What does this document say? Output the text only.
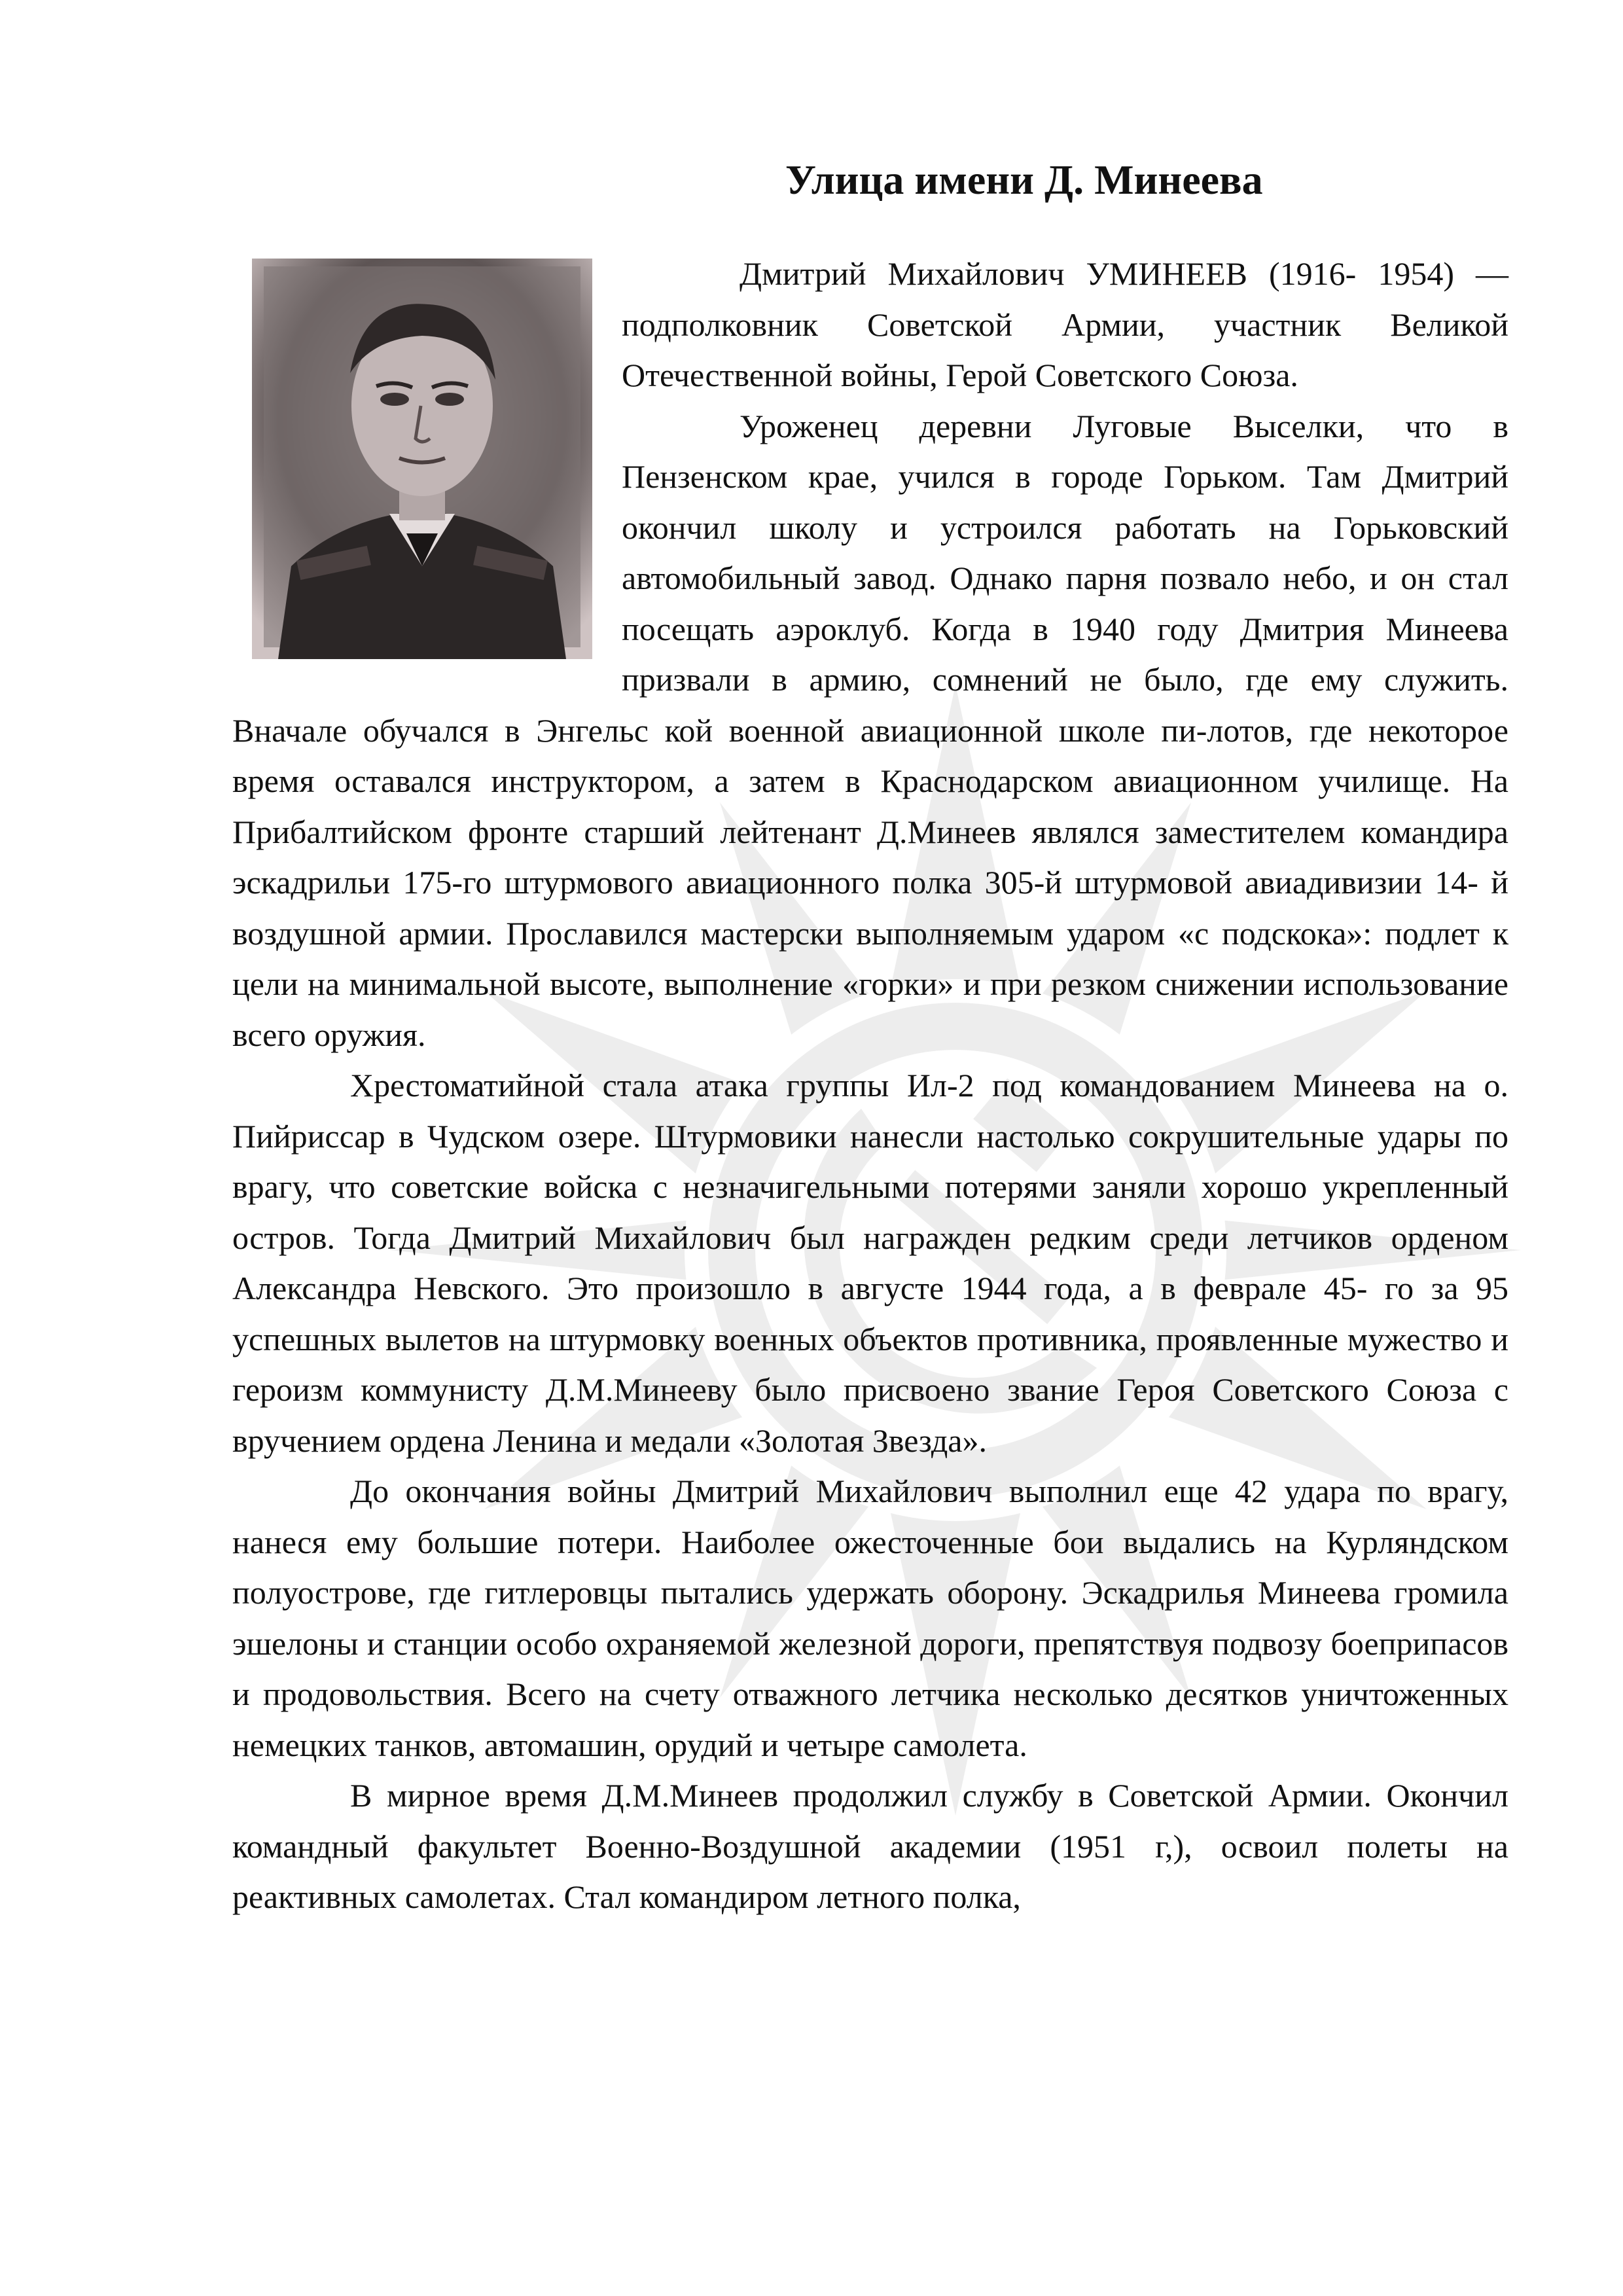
Улица имени Д. Минеева

Дмитрий Михайлович УМИНЕЕВ (1916- 1954) — подполковник Советской Армии, участник Великой Отечественной войны, Герой Советского Союза.

Уроженец деревни Луговые Выселки, что в Пензенском крае, учился в городе Горьком. Там Дмитрий окончил школу и устроился работать на Горьковский автомобильный завод. Однако парня позвало небо, и он стал посещать аэроклуб. Когда в 1940 году Дмитрия Минеева призвали в армию, сомнений не было, где ему служить. Вначале обучался в Энгельс кой военной авиационной школе пи-лотов, где некоторое время оставался инструктором, а затем в Краснодарском авиационном училище. На Прибалтийском фронте старший лейтенант Д.Минеев являлся заместителем командира эскадрильи 175-го штурмового авиационного полка 305-й штурмовой авиадивизии 14- й воздушной армии. Прославился мастерски выполняемым ударом «с подскока»: подлет к цели на минимальной высоте, выполнение «горки» и при резком снижении использование всего оружия.

Хрестоматийной стала атака группы Ил-2 под командованием Минеева на о. Пийриссар в Чудском озере. Штурмовики нанесли настолько сокрушительные удары по врагу, что советские войска с незначигельными потерями заняли хорошо укрепленный остров. Тогда Дмитрий Михайлович был награжден редким среди летчиков орденом Александра Невского. Это произошло в августе 1944 года, а в феврале 45- го за 95 успешных вылетов на штурмовку военных объектов противника, проявленные мужество и героизм коммунисту Д.М.Минееву было присвоено звание Героя Советского Союза с вручением ордена Ленина и медали «Золотая Звезда».

До окончания войны Дмитрий Михайлович выполнил еще 42 удара по врагу, нанеся ему большие потери. Наиболее ожесточенные бои выдались на Курляндском полуострове, где гитлеровцы пытались удержать оборону. Эскадрилья Минеева громила эшелоны и станции особо охраняемой железной дороги, препятствуя подвозу боеприпасов и продовольствия. Всего на счету отважного летчика несколько десятков уничтоженных немецких танков, автомашин, орудий и четыре самолета.

В мирное время Д.М.Минеев продолжил службу в Советской Армии. Окончил командный факультет Военно-Воздушной академии (1951 г,), освоил полеты на реактивных самолетах. Стал командиром летного полка,
